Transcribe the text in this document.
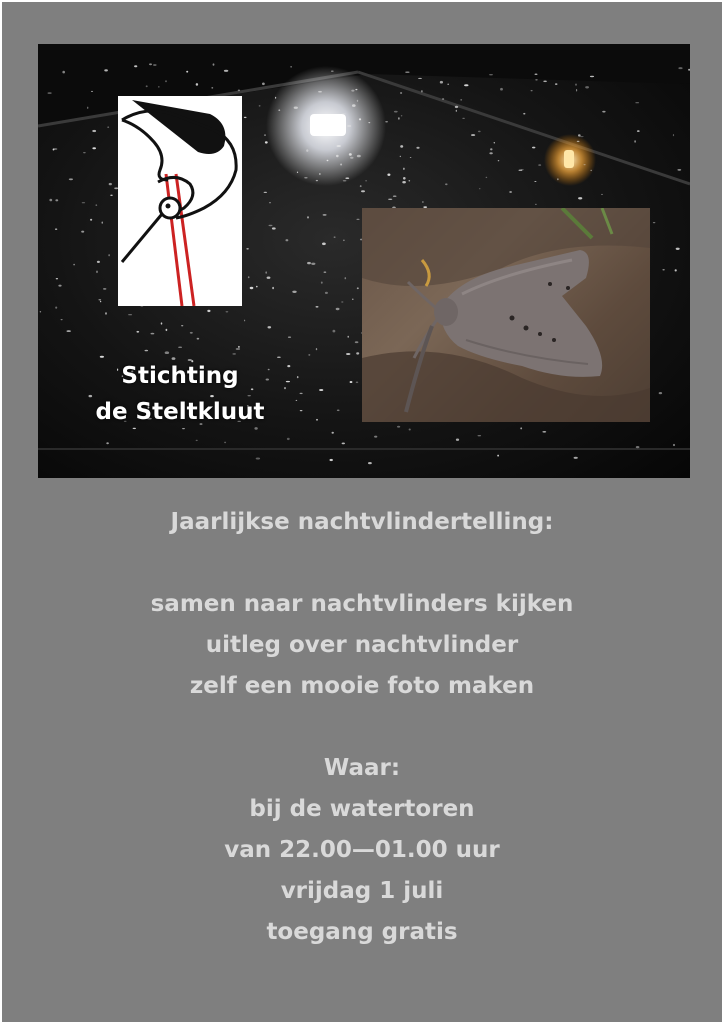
Stichting
de Steltkluut
Jaarlijkse nachtvlindertelling:
samen naar nachtvlinders kijken
uitleg over nachtvlinder
zelf een mooie foto maken
Waar:
bij de watertoren
van 22.00—01.00 uur
vrijdag 1 juli
toegang gratis
